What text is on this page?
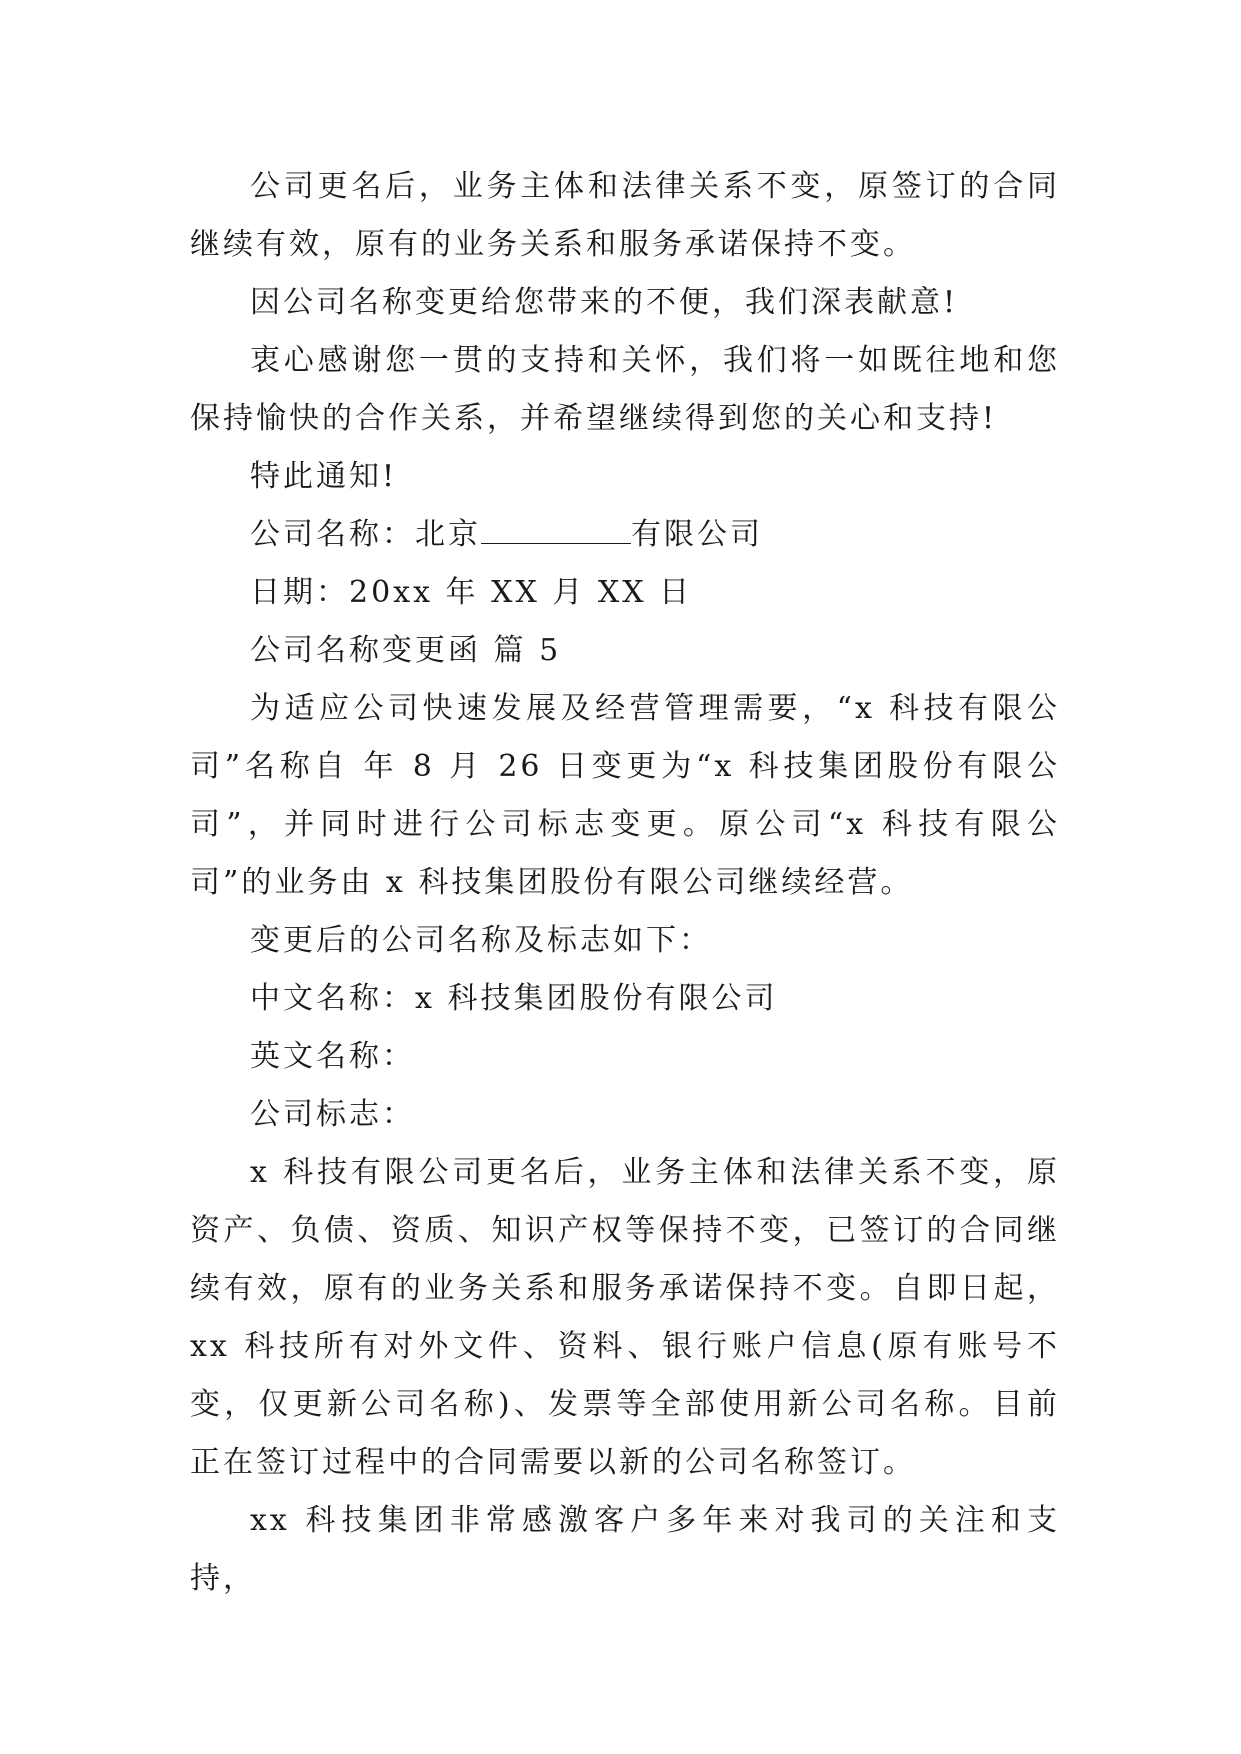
公司更名后，业务主体和法律关系不变，原签订的合同继续有效，原有的业务关系和服务承诺保持不变。

因公司名称变更给您带来的不便，我们深表献意!

衷心感谢您一贯的支持和关怀，我们将一如既往地和您保持愉快的合作关系，并希望继续得到您的关心和支持!

特此通知!

公司名称：北京	有限公司

日期：20xx 年 XX 月 XX 日

公司名称变更函 篇 5

为适应公司快速发展及经营管理需要，“x 科技有限公司”名称自 年 8 月 26 日变更为“x 科技集团股份有限公司”，并同时进行公司标志变更。原公司“x 科技有限公司”的业务由 x 科技集团股份有限公司继续经营。

变更后的公司名称及标志如下：

中文名称：x 科技集团股份有限公司

英文名称：

公司标志：

x 科技有限公司更名后，业务主体和法律关系不变，原资产、负债、资质、知识产权等保持不变，已签订的合同继续有效，原有的业务关系和服务承诺保持不变。自即日起，xx 科技所有对外文件、资料、银行账户信息(原有账号不变，仅更新公司名称)、发票等全部使用新公司名称。目前正在签订过程中的合同需要以新的公司名称签订。

xx 科技集团非常感激客户多年来对我司的关注和支持，
